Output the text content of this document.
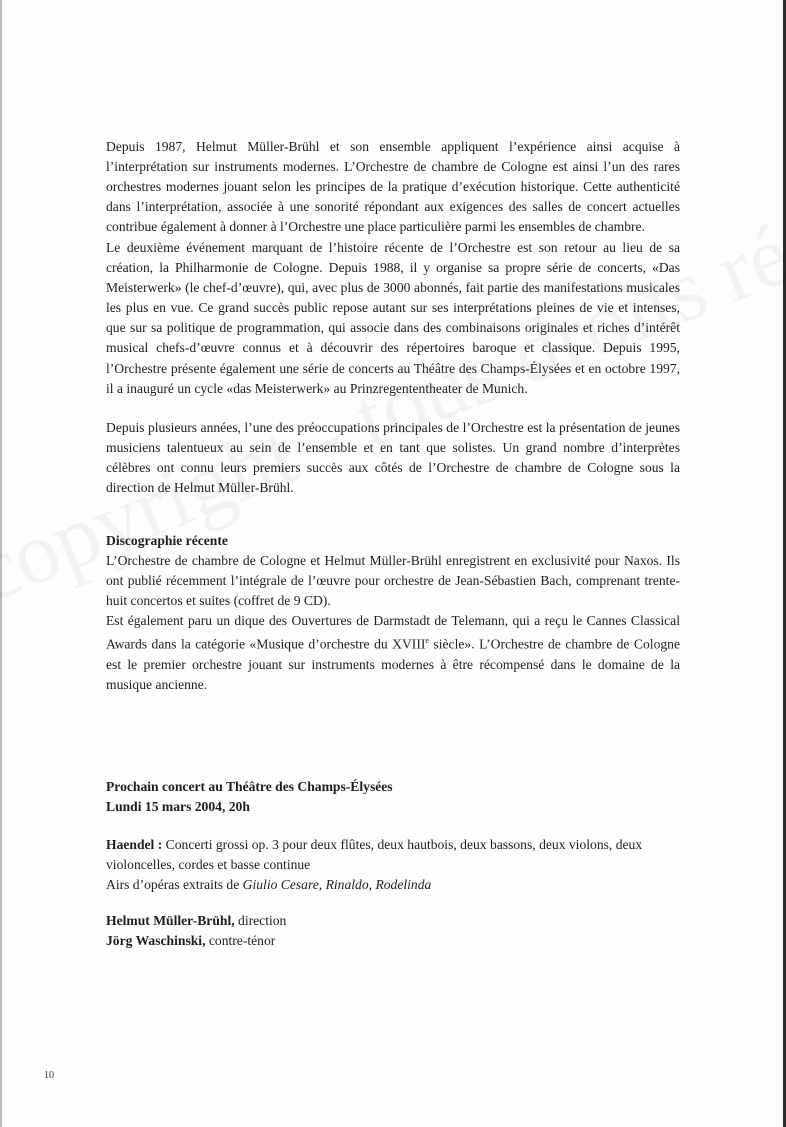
Depuis 1987, Helmut Müller-Brühl et son ensemble appliquent l’expérience ainsi acquise à l’interprétation sur instruments modernes. L’Orchestre de chambre de Cologne est ainsi l’un des rares orchestres modernes jouant selon les principes de la pratique d’exécution historique. Cette authenticité dans l’interprétation, associée à une sonorité répondant aux exigences des salles de concert actuelles contribue également à donner à l’Orchestre une place particulière parmi les ensembles de chambre.

Le deuxième événement marquant de l’histoire récente de l’Orchestre est son retour au lieu de sa création, la Philharmonie de Cologne. Depuis 1988, il y organise sa propre série de concerts, «Das Meisterwerk» (le chef-d’œuvre), qui, avec plus de 3000 abonnés, fait partie des manifestations musicales les plus en vue. Ce grand succès public repose autant sur ses interprétations pleines de vie et intenses, que sur sa politique de programmation, qui associe dans des combinaisons originales et riches d’intérêt musical chefs-d’œuvre connus et à découvrir des répertoires baroque et classique. Depuis 1995, l’Orchestre présente également une série de concerts au Théâtre des Champs-Élysées et en octobre 1997, il a inauguré un cycle «das Meisterwerk» au Prinzregententheater de Munich.

Depuis plusieurs années, l’une des préoccupations principales de l’Orchestre est la présentation de jeunes musiciens talentueux au sein de l’ensemble et en tant que solistes. Un grand nombre d’interprètes célèbres ont connu leurs premiers succès aux côtés de l’Orchestre de chambre de Cologne sous la direction de Helmut Müller-Brühl.

Discographie récente

L’Orchestre de chambre de Cologne et Helmut Müller-Brühl enregistrent en exclusivité pour Naxos. Ils ont publié récemment l’intégrale de l’œuvre pour orchestre de Jean-Sébastien Bach, comprenant trente-huit concertos et suites (coffret de 9 CD).

Est également paru un dique des Ouvertures de Darmstadt de Telemann, qui a reçu le Cannes Classical Awards dans la catégorie «Musique d’orchestre du XVIIIe siècle». L’Orchestre de chambre de Cologne est le premier orchestre jouant sur instruments modernes à être récompensé dans le domaine de la musique ancienne.

Prochain concert au Théâtre des Champs-Élysées

Lundi 15 mars 2004, 20h

Haendel : Concerti grossi op. 3 pour deux flûtes, deux hautbois, deux bassons, deux violons, deux violoncelles, cordes et basse continue

Airs d’opéras extraits de Giulio Cesare, Rinaldo, Rodelinda

Helmut Müller-Brühl, direction

Jörg Waschinski, contre-ténor

10
